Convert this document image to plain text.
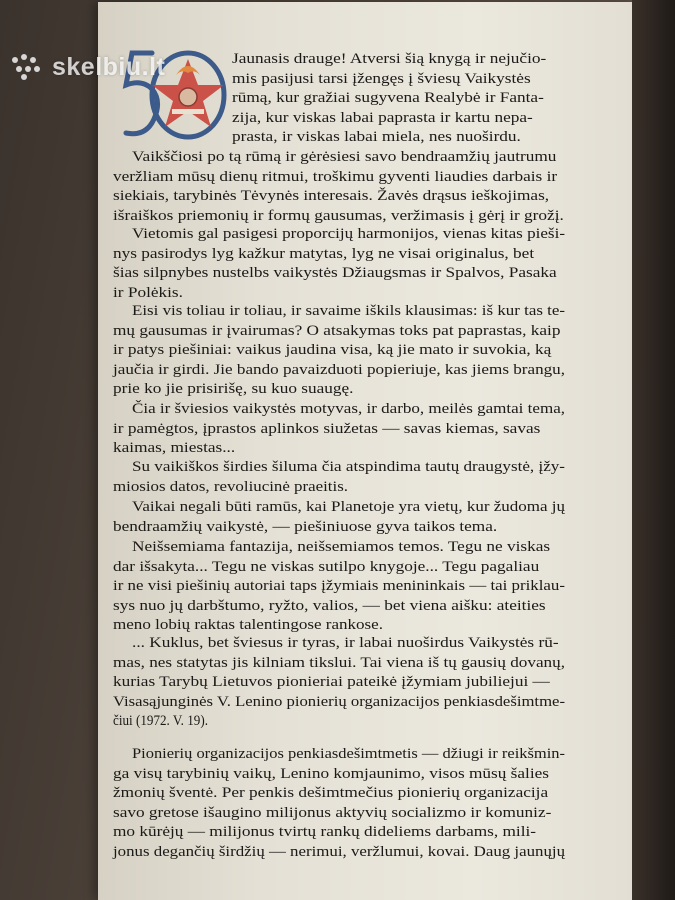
skelbiu.lt	Jaunasis drauge! Atversi šią knygą ir nejučio-
mis pasijusi tarsi įžengęs į šviesų Vaikystės
rūmą, kur gražiai sugyvena Realybė ir Fanta-
zija, kur viskas labai paprasta ir kartu nepa-
prasta, ir viskas labai miela, nes nuoširdu.
Vaikščiosi po tą rūmą ir gėrėsiesi savo bendraamžių jautrumu
veržliam mūsų dienų ritmui, troškimu gyventi liaudies darbais ir
siekiais, tarybinės Tėvynės interesais. Žavės drąsus ieškojimas,
išraiškos priemonių ir formų gausumas, veržimasis į gėrį ir grožį.
Vietomis gal pasigesi proporcijų harmonijos, vienas kitas pieši-
nys pasirodys lyg kažkur matytas, lyg ne visai originalus, bet
šias silpnybes nustelbs vaikystės Džiaugsmas ir Spalvos, Pasaka
ir Polėkis.
Eisi vis toliau ir toliau, ir savaime iškils klausimas: iš kur tas te-
mų gausumas ir įvairumas? O atsakymas toks pat paprastas, kaip
ir patys piešiniai: vaikus jaudina visa, ką jie mato ir suvokia, ką
jaučia ir girdi. Jie bando pavaizduoti popieriuje, kas jiems brangu,
prie ko jie prisirišę, su kuo suaugę.
Čia ir šviesios vaikystės motyvas, ir darbo, meilės gamtai tema,
ir pamėgtos, įprastos aplinkos siužetas — savas kiemas, savas
kaimas, miestas...
Su vaikiškos širdies šiluma čia atspindima tautų draugystė, įžy-
miosios datos, revoliucinė praeitis.
Vaikai negali būti ramūs, kai Planetoje yra vietų, kur žudoma jų
bendraamžių vaikystė, — piešiniuose gyva taikos tema.
Neišsemiama fantazija, neišsemiamos temos. Tegu ne viskas
dar išsakyta... Tegu ne viskas sutilpo knygoje... Tegu pagaliau
ir ne visi piešinių autoriai taps įžymiais menininkais — tai priklau-
sys nuo jų darbštumo, ryžto, valios, — bet viena aišku: ateities
meno lobių raktas talentingose rankose.
... Kuklus, bet šviesus ir tyras, ir labai nuoširdus Vaikystės rū-
mas, nes statytas jis kilniam tikslui. Tai viena iš tų gausių dovanų,
kurias Tarybų Lietuvos pionieriai pateikė įžymiam jubiliejui —
Visasąjunginės V. Lenino pionierių organizacijos penkiasdešimtme-
čiui (1972. V. 19).
Pionierių organizacijos penkiasdešimtmetis — džiugi ir reikšmin-
ga visų tarybinių vaikų, Lenino komjaunimo, visos mūsų šalies
žmonių šventė. Per penkis dešimtmečius pionierių organizacija
savo gretose išaugino milijonus aktyvių socializmo ir komuniz-
mo kūrėjų — milijonus tvirtų rankų dideliems darbams, mili-
jonus degančių širdžių — nerimui, veržlumui, kovai. Daug jaunųjų
